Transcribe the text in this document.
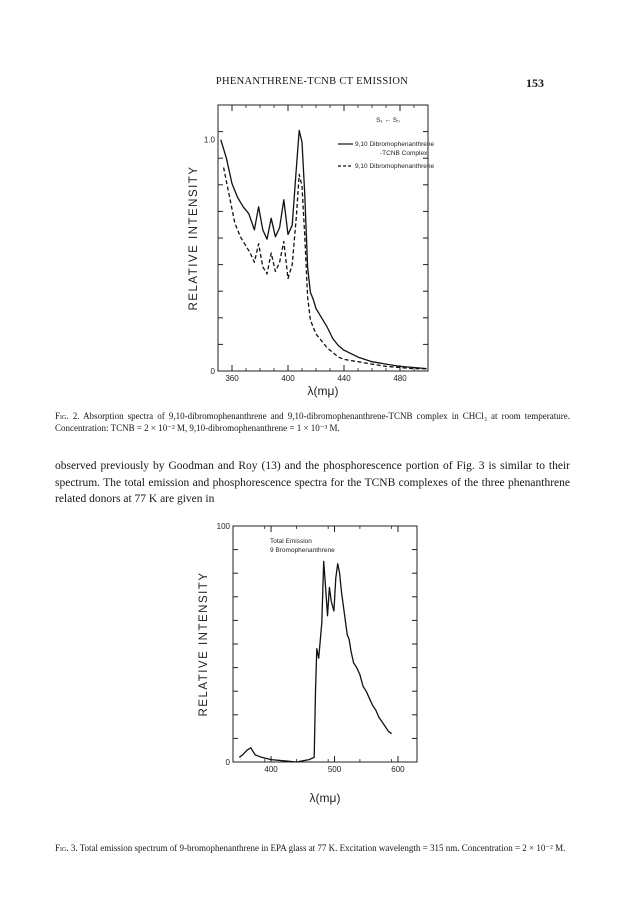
PHENANTHRENE-TCNB CT EMISSION	153
360	400	440	480
0
1.0
RELATIVE INTENSITY
λ(mμ)
S₁ ← S₀
9,10 Dibromophenanthrene
-TCNB Complex
9,10 Dibromophenanthrene
Fig. 2. Absorption spectra of 9,10-dibromophenanthrene and 9,10-dibromophenanthrene-TCNB complex in CHCl₃ at room temperature. Concentration: TCNB = 2 × 10⁻² M, 9,10-dibromophenanthrene = 1 × 10⁻³ M.
observed previously by Goodman and Roy (13) and the phosphorescence portion of Fig. 3 is similar to their spectrum. The total emission and phosphorescence spectra for the TCNB complexes of the three phenanthrene related donors at 77 K are given in
400	500	600
0
100
RELATIVE INTENSITY
λ(mμ)
Total Emission
9 Bromophenanthrene
Fig. 3. Total emission spectrum of 9-bromophenanthrene in EPA glass at 77 K. Excitation wavelength = 315 nm. Concentration = 2 × 10⁻² M.
